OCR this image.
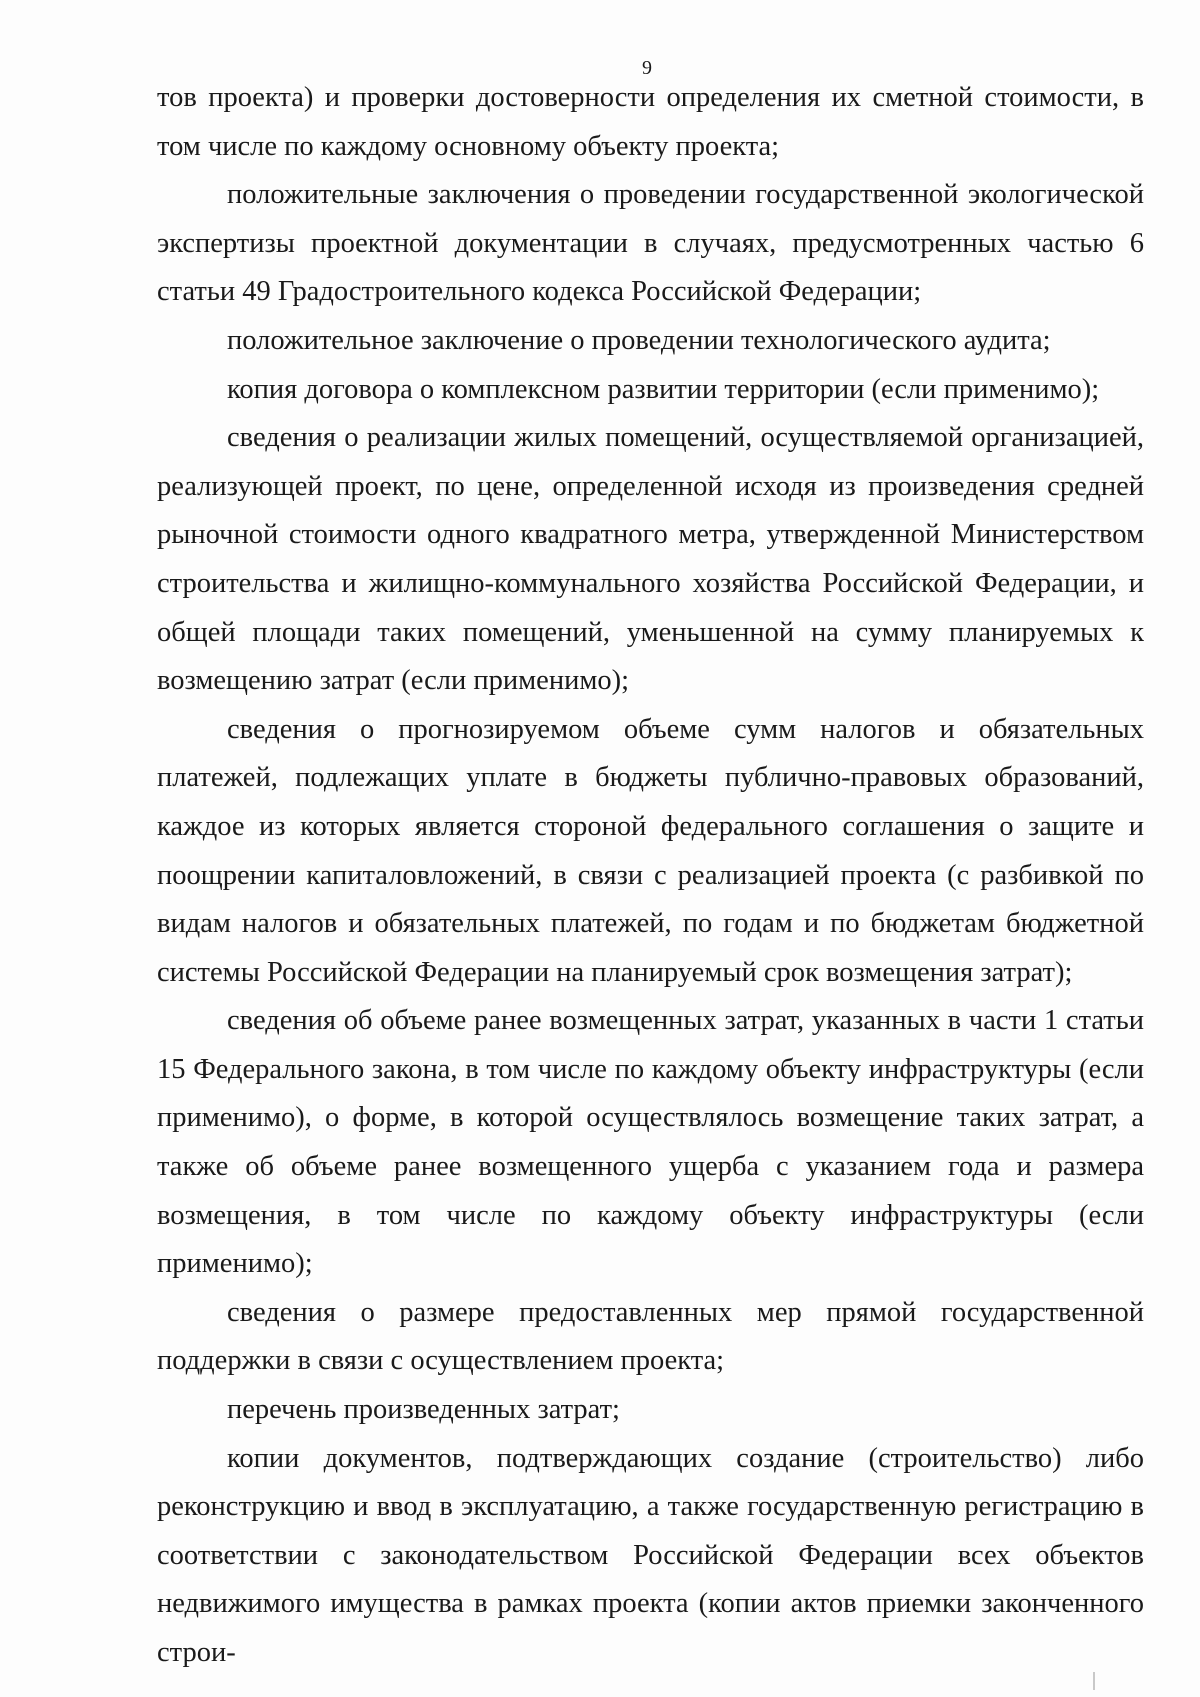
9

тов проекта) и проверки достоверности определения их сметной стоимости, в том числе по каждому основному объекту проекта;

положительные заключения о проведении государственной экологической экспертизы проектной документации в случаях, предусмотренных частью 6 статьи 49 Градостроительного кодекса Российской Федерации;

положительное заключение о проведении технологического аудита;

копия договора о комплексном развитии территории (если применимо);

сведения о реализации жилых помещений, осуществляемой организацией, реализующей проект, по цене, определенной исходя из произведения средней рыночной стоимости одного квадратного метра, утвержденной Министерством строительства и жилищно-коммунального хозяйства Российской Федерации, и общей площади таких помещений, уменьшенной на сумму планируемых к возмещению затрат (если применимо);

сведения о прогнозируемом объеме сумм налогов и обязательных платежей, подлежащих уплате в бюджеты публично-правовых образований, каждое из которых является стороной федерального соглашения о защите и поощрении капиталовложений, в связи с реализацией проекта (с разбивкой по видам налогов и обязательных платежей, по годам и по бюджетам бюджетной системы Российской Федерации на планируемый срок возмещения затрат);

сведения об объеме ранее возмещенных затрат, указанных в части 1 статьи 15 Федерального закона, в том числе по каждому объекту инфраструктуры (если применимо), о форме, в которой осуществлялось возмещение таких затрат, а также об объеме ранее возмещенного ущерба с указанием года и размера возмещения, в том числе по каждому объекту инфраструктуры (если применимо);

сведения о размере предоставленных мер прямой государственной поддержки в связи с осуществлением проекта;

перечень произведенных затрат;

копии документов, подтверждающих создание (строительство) либо реконструкцию и ввод в эксплуатацию, а также государственную регистрацию в соответствии с законодательством Российской Федерации всех объектов недвижимого имущества в рамках проекта (копии актов приемки законченного строи-
